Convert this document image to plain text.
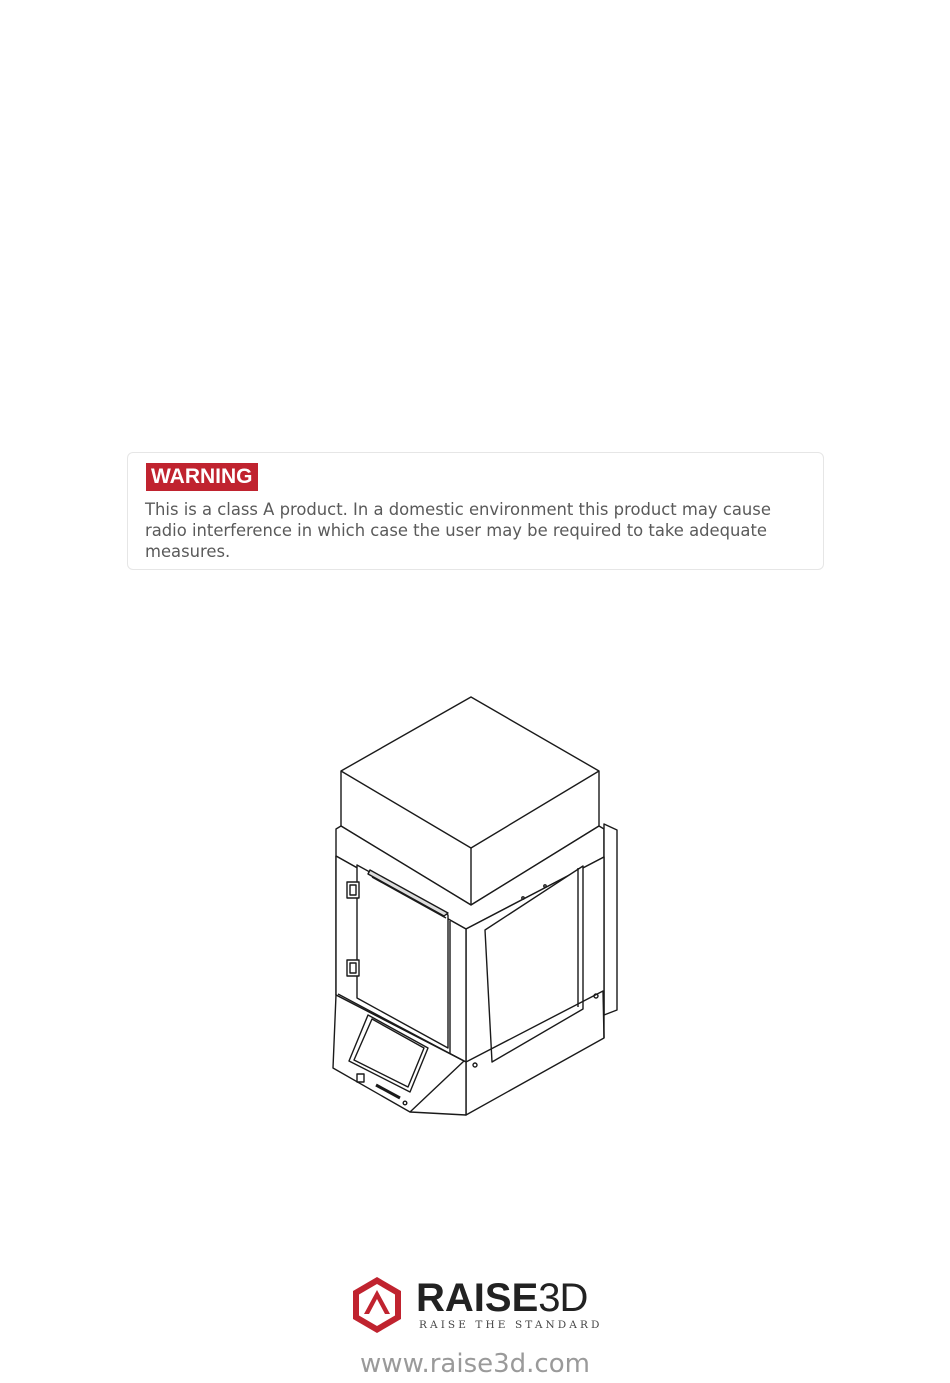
WARNING

This is a class A product. In a domestic environment this product may cause radio interference in which case the user may be required to take adequate measures.

RAISE3D
RAISE THE STANDARD
www.raise3d.com
